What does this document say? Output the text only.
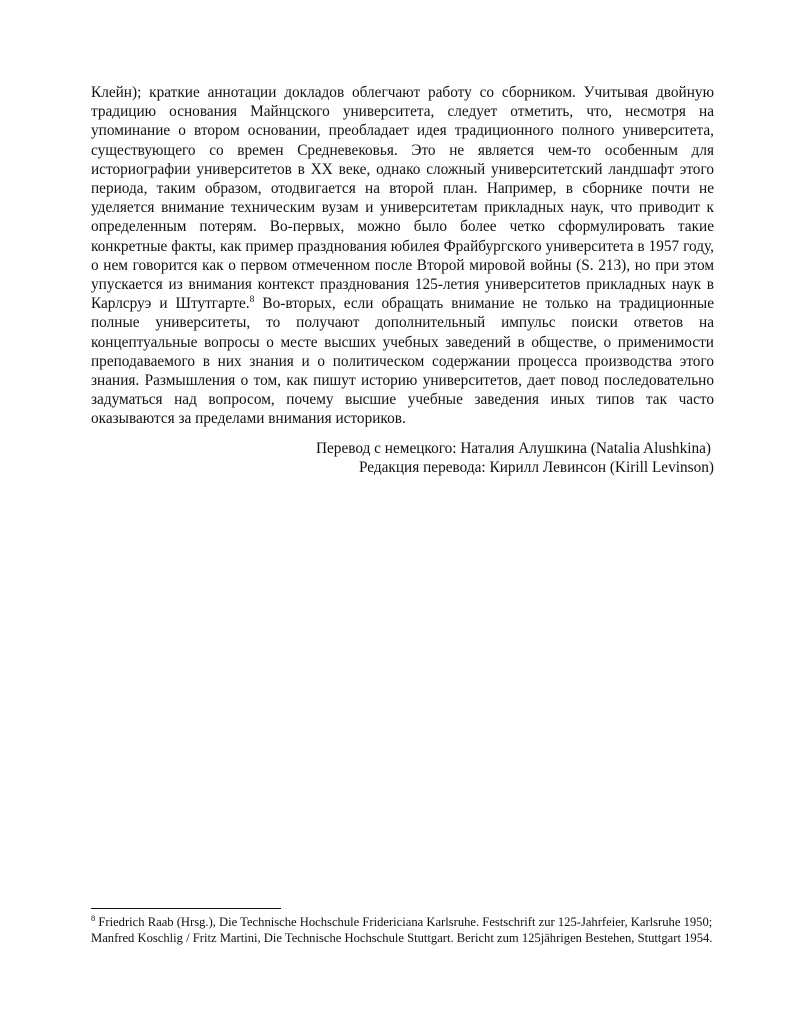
Клейн); краткие аннотации докладов облегчают работу со сборником. Учитывая двойную традицию основания Майнцского университета, следует отметить, что, несмотря на упоминание о втором основании, преобладает идея традиционного полного университета, существующего со времен Средневековья. Это не является чем-то особенным для историографии университетов в XX веке, однако сложный университетский ландшафт этого периода, таким образом, отодвигается на второй план. Например, в сборнике почти не уделяется внимание техническим вузам и университетам прикладных наук, что приводит к определенным потерям. Во-первых, можно было более четко сформулировать такие конкретные факты, как пример празднования юбилея Фрайбургского университета в 1957 году, о нем говорится как о первом отмеченном после Второй мировой войны (S. 213), но при этом упускается из внимания контекст празднования 125-летия университетов прикладных наук в Карлсруэ и Штутгарте.$^8$ Во-вторых, если обращать внимание не только на традиционные полные университеты, то получают дополнительный импульс поиски ответов на концептуальные вопросы о месте высших учебных заведений в обществе, о применимости преподаваемого в них знания и о политическом содержании процесса производства этого знания. Размышления о том, как пишут историю университетов, дает повод последовательно задуматься над вопросом, почему высшие учебные заведения иных типов так часто оказываются за пределами внимания историков.

Перевод с немецкого: Наталия Алушкина (Natalia Alushkina)
Редакция перевода: Кирилл Левинсон (Kirill Levinson)

$^8$ Friedrich Raab (Hrsg.), Die Technische Hochschule Fridericiana Karlsruhe. Festschrift zur 125-Jahrfeier, Karlsruhe 1950; Manfred Koschlig / Fritz Martini, Die Technische Hochschule Stuttgart. Bericht zum 125jährigen Bestehen, Stuttgart 1954.
